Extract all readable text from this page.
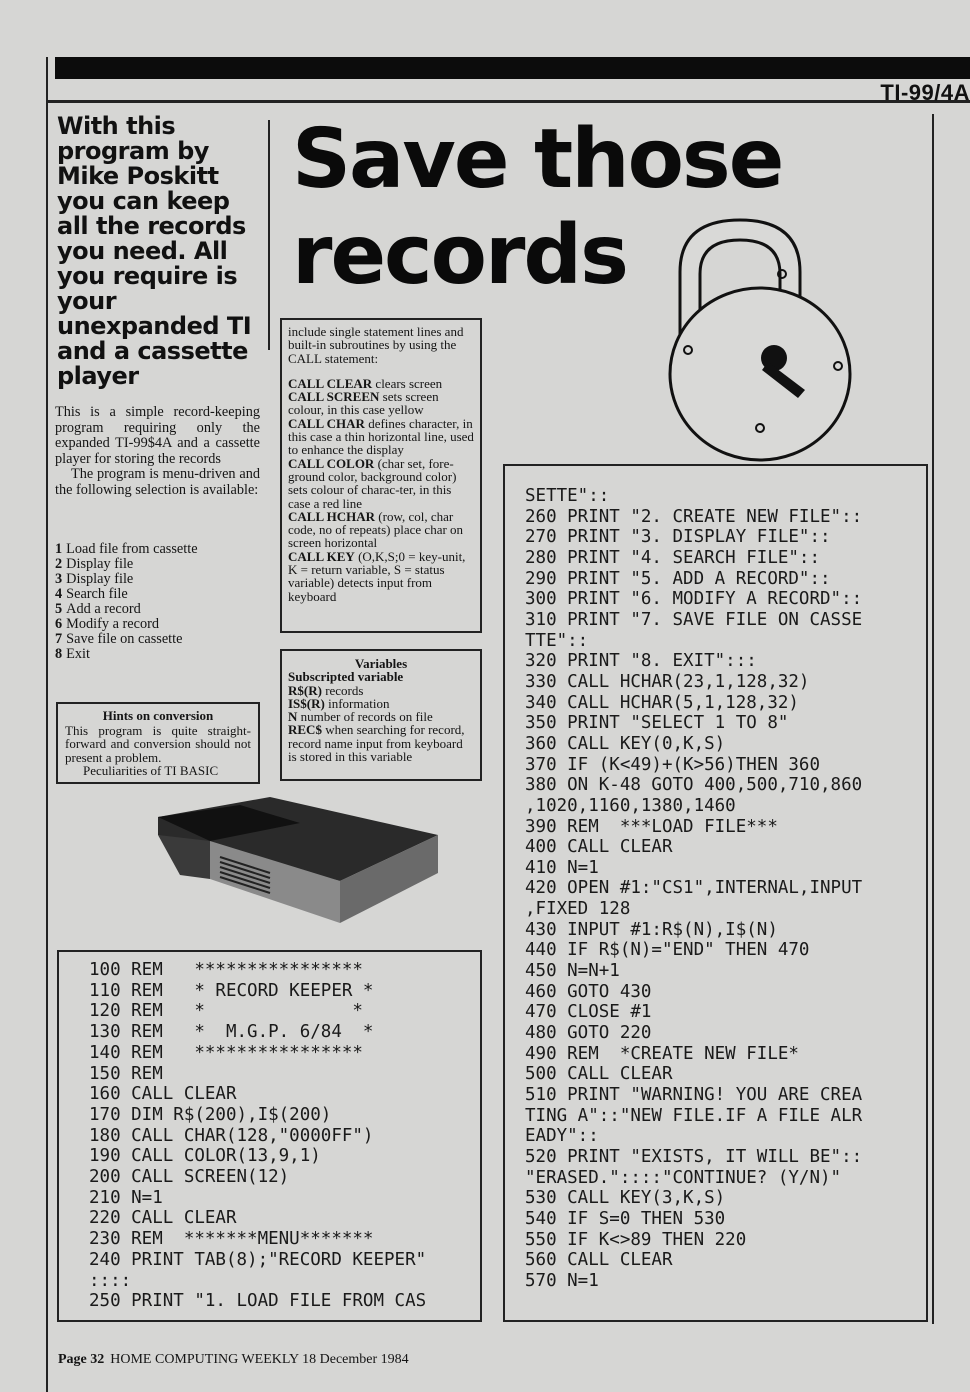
TI-99/4A

With this program by Mike Poskitt you can keep all the records you need. All you require is your unexpanded TI and a cassette player

Save those
records

This is a simple record-keeping program requiring only the expanded TI-99$4A and a cassette player for storing the records

The program is menu-driven and the following selection is available:

1 Load file from cassette
2 Display file
3 Display file
4 Search file
5 Add a record
6 Modify a record
7 Save file on cassette
8 Exit
Hints on conversion

This program is quite straight-forward and conversion should not present a problem.

Peculiarities of TI BASIC

include single statement lines and built-in subroutines by using the CALL statement:

CALL CLEAR clears screen

CALL SCREEN sets screen colour, in this case yellow

CALL CHAR defines character, in this case a thin horizontal line, used to enhance the display

CALL COLOR (char set, fore-ground color, background color) sets colour of charac-ter, in this case a red line

CALL HCHAR (row, col, char code, no of repeats) place char on screen horizontal

CALL KEY (O,K,S;0 = key-unit, K = return variable, S = status variable) detects input from keyboard

Variables

Subscripted variable

R$(R) records

IS$(R) information

N number of records on file

REC$ when searching for record, record name input from keyboard is stored in this variable

100 REM   ****************
110 REM   * RECORD KEEPER *
120 REM   *              *
130 REM   *  M.G.P. 6/84  *
140 REM   ****************
150 REM
160 CALL CLEAR
170 DIM R$(200),I$(200)
180 CALL CHAR(128,"0000FF")
190 CALL COLOR(13,9,1)
200 CALL SCREEN(12)
210 N=1
220 CALL CLEAR
230 REM  *******MENU*******
240 PRINT TAB(8);"RECORD KEEPER"
::::
250 PRINT "1. LOAD FILE FROM CAS
SETTE"::
260 PRINT "2. CREATE NEW FILE"::
270 PRINT "3. DISPLAY FILE"::
280 PRINT "4. SEARCH FILE"::
290 PRINT "5. ADD A RECORD"::
300 PRINT "6. MODIFY A RECORD"::
310 PRINT "7. SAVE FILE ON CASSE
TTE"::
320 PRINT "8. EXIT":::
330 CALL HCHAR(23,1,128,32)
340 CALL HCHAR(5,1,128,32)
350 PRINT "SELECT 1 TO 8"
360 CALL KEY(0,K,S)
370 IF (K<49)+(K>56)THEN 360
380 ON K-48 GOTO 400,500,710,860
,1020,1160,1380,1460
390 REM  ***LOAD FILE***
400 CALL CLEAR
410 N=1
420 OPEN #1:"CS1",INTERNAL,INPUT
,FIXED 128
430 INPUT #1:R$(N),I$(N)
440 IF R$(N)="END" THEN 470
450 N=N+1
460 GOTO 430
470 CLOSE #1
480 GOTO 220
490 REM  *CREATE NEW FILE*
500 CALL CLEAR
510 PRINT "WARNING! YOU ARE CREA
TING A"::"NEW FILE.IF A FILE ALR
EADY"::
520 PRINT "EXISTS, IT WILL BE"::
"ERASED."::::"CONTINUE? (Y/N)"
530 CALL KEY(3,K,S)
540 IF S=0 THEN 530
550 IF K<>89 THEN 220
560 CALL CLEAR
570 N=1
Page 32 HOME COMPUTING WEEKLY 18 December 1984
